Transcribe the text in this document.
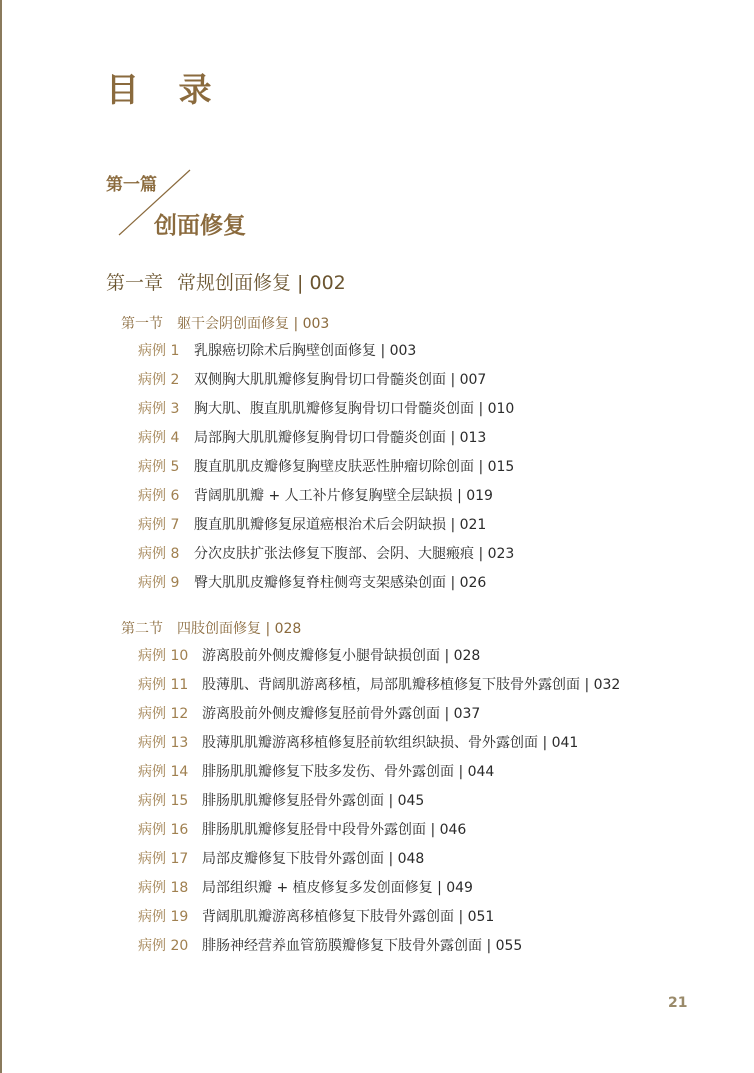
目 录
第一篇
创面修复
第一章 常规创面修复 | 002
第一节 躯干会阴创面修复 | 003
病例 1 乳腺癌切除术后胸壁创面修复 | 003
病例 2 双侧胸大肌肌瓣修复胸骨切口骨髓炎创面 | 007
病例 3 胸大肌、腹直肌肌瓣修复胸骨切口骨髓炎创面 | 010
病例 4 局部胸大肌肌瓣修复胸骨切口骨髓炎创面 | 013
病例 5 腹直肌肌皮瓣修复胸壁皮肤恶性肿瘤切除创面 | 015
病例 6 背阔肌肌瓣 + 人工补片修复胸壁全层缺损 | 019
病例 7 腹直肌肌瓣修复尿道癌根治术后会阴缺损 | 021
病例 8 分次皮肤扩张法修复下腹部、会阴、大腿瘢痕 | 023
病例 9 臀大肌肌皮瓣修复脊柱侧弯支架感染创面 | 026
第二节 四肢创面修复 | 028
病例 10 游离股前外侧皮瓣修复小腿骨缺损创面 | 028
病例 11 股薄肌、背阔肌游离移植，局部肌瓣移植修复下肢骨外露创面 | 032
病例 12 游离股前外侧皮瓣修复胫前骨外露创面 | 037
病例 13 股薄肌肌瓣游离移植修复胫前软组织缺损、骨外露创面 | 041
病例 14 腓肠肌肌瓣修复下肢多发伤、骨外露创面 | 044
病例 15 腓肠肌肌瓣修复胫骨外露创面 | 045
病例 16 腓肠肌肌瓣修复胫骨中段骨外露创面 | 046
病例 17 局部皮瓣修复下肢骨外露创面 | 048
病例 18 局部组织瓣 + 植皮修复多发创面修复 | 049
病例 19 背阔肌肌瓣游离移植修复下肢骨外露创面 | 051
病例 20 腓肠神经营养血管筋膜瓣修复下肢骨外露创面 | 055
21
